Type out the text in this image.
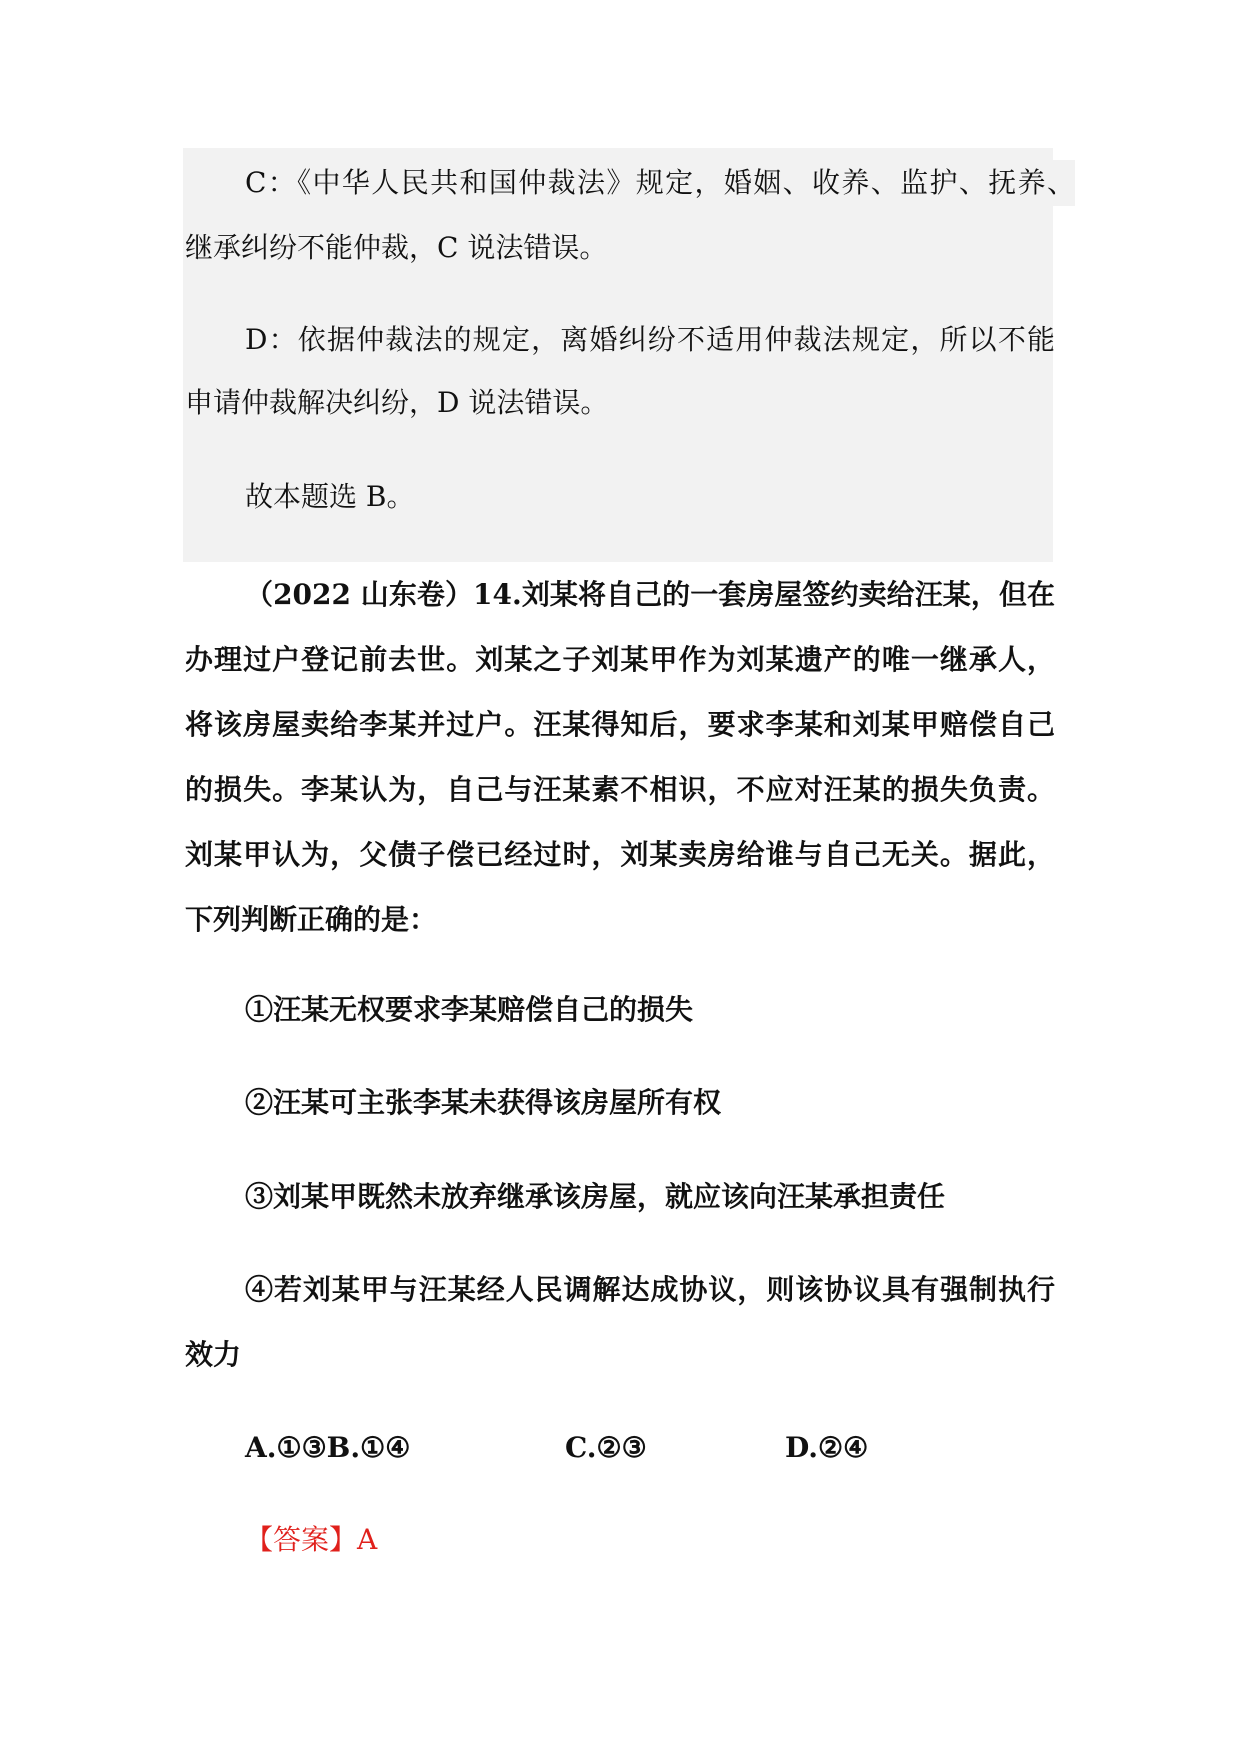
C：《中华人民共和国仲裁法》规定，婚姻、收养、监护、抚养、
继承纠纷不能仲裁，C 说法错误。
D：依据仲裁法的规定，离婚纠纷不适用仲裁法规定，所以不能
申请仲裁解决纠纷，D 说法错误。
故本题选 B。
（2022 山东卷）14.刘某将自己的一套房屋签约卖给汪某，但在
办理过户登记前去世。刘某之子刘某甲作为刘某遗产的唯一继承人，
将该房屋卖给李某并过户。汪某得知后，要求李某和刘某甲赔偿自己
的损失。李某认为，自己与汪某素不相识，不应对汪某的损失负责。
刘某甲认为，父债子偿已经过时，刘某卖房给谁与自己无关。据此，
下列判断正确的是：
①汪某无权要求李某赔偿自己的损失
②汪某可主张李某未获得该房屋所有权
③刘某甲既然未放弃继承该房屋，就应该向汪某承担责任
④若刘某甲与汪某经人民调解达成协议，则该协议具有强制执行
效力
A.①③B.①④	C.②③	D.②④
【答案】A
